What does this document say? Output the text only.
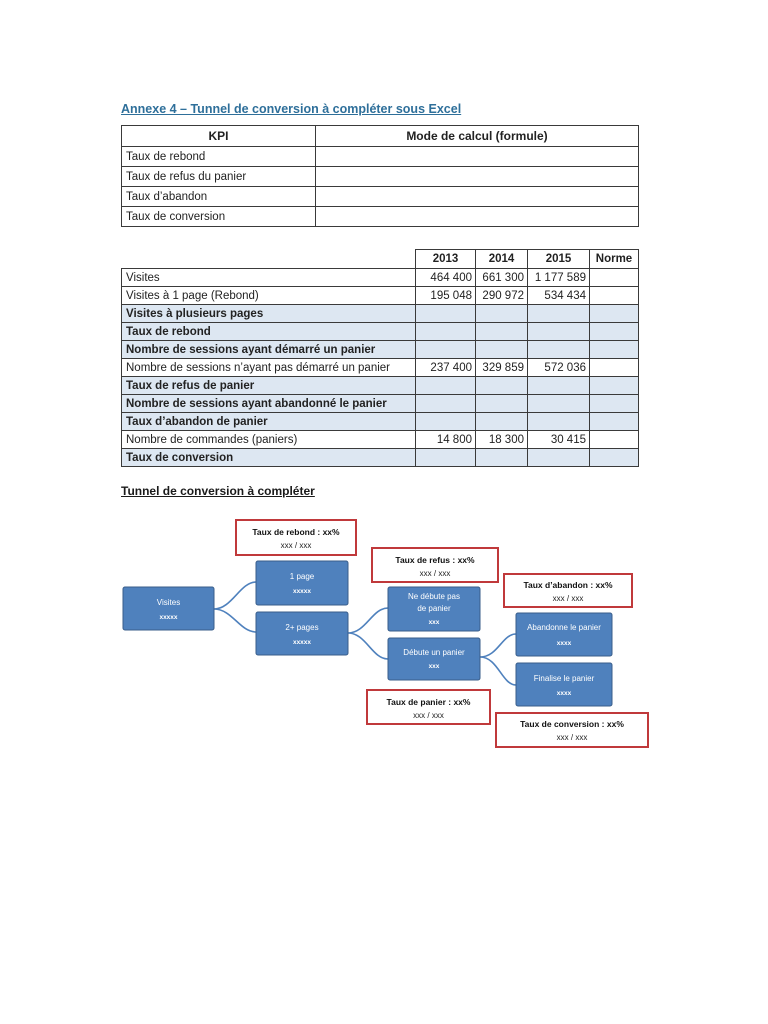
Annexe 4 – Tunnel de conversion à compléter sous Excel
KPI	Mode de calcul (formule)
Taux de rebond	
Taux de refus du panier	
Taux d’abandon	
Taux de conversion	
	2013	2014	2015	Norme
Visites	464 400	661 300	1 177 589	
Visites à 1 page (Rebond)	195 048	290 972	534 434	
Visites à plusieurs pages				
Taux de rebond				
Nombre de sessions ayant démarré un panier				
Nombre de sessions n’ayant pas démarré un panier	237 400	329 859	572 036	
Taux de refus de panier				
Nombre de sessions ayant abandonné le panier				
Taux d’abandon de panier				
Nombre de commandes (paniers)	14 800	18 300	30 415	
Taux de conversion				
Tunnel de conversion à compléter
Visites
xxxxx
1 page
xxxxx
2+ pages
xxxxx
Ne débute pas
de panier
xxx
Débute un panier
xxx
Abandonne le panier
xxxx
Finalise le panier
xxxx
Taux de rebond : xx%
xxx / xxx
Taux de refus : xx%
xxx / xxx
Taux d’abandon : xx%
xxx / xxx
Taux de panier : xx%
xxx / xxx
Taux de conversion : xx%
xxx / xxx
